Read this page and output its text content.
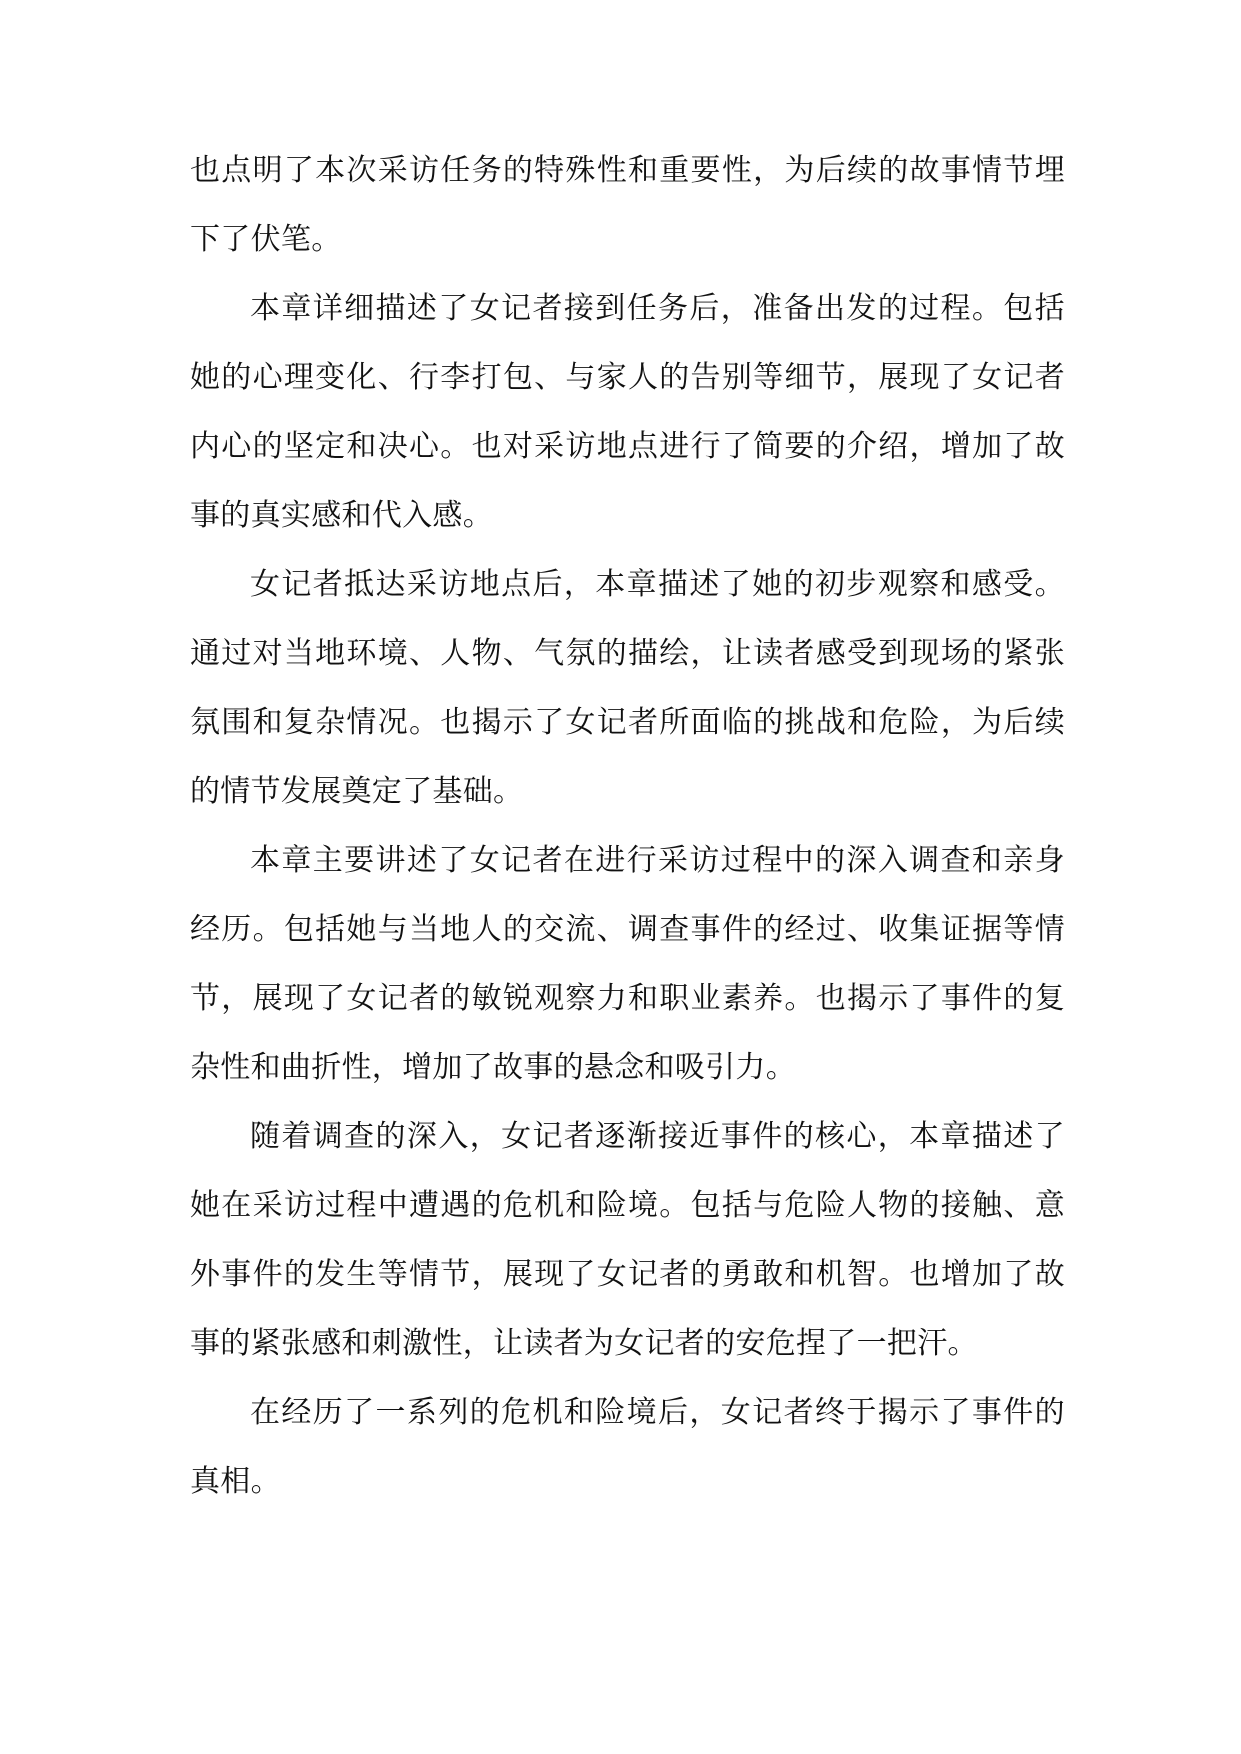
也点明了本次采访任务的特殊性和重要性，为后续的故事情节埋下了伏笔。

本章详细描述了女记者接到任务后，准备出发的过程。包括她的心理变化、行李打包、与家人的告别等细节，展现了女记者内心的坚定和决心。也对采访地点进行了简要的介绍，增加了故事的真实感和代入感。

女记者抵达采访地点后，本章描述了她的初步观察和感受。通过对当地环境、人物、气氛的描绘，让读者感受到现场的紧张氛围和复杂情况。也揭示了女记者所面临的挑战和危险，为后续的情节发展奠定了基础。

本章主要讲述了女记者在进行采访过程中的深入调查和亲身经历。包括她与当地人的交流、调查事件的经过、收集证据等情节，展现了女记者的敏锐观察力和职业素养。也揭示了事件的复杂性和曲折性，增加了故事的悬念和吸引力。

随着调查的深入，女记者逐渐接近事件的核心，本章描述了她在采访过程中遭遇的危机和险境。包括与危险人物的接触、意外事件的发生等情节，展现了女记者的勇敢和机智。也增加了故事的紧张感和刺激性，让读者为女记者的安危捏了一把汗。

在经历了一系列的危机和险境后，女记者终于揭示了事件的真相。
